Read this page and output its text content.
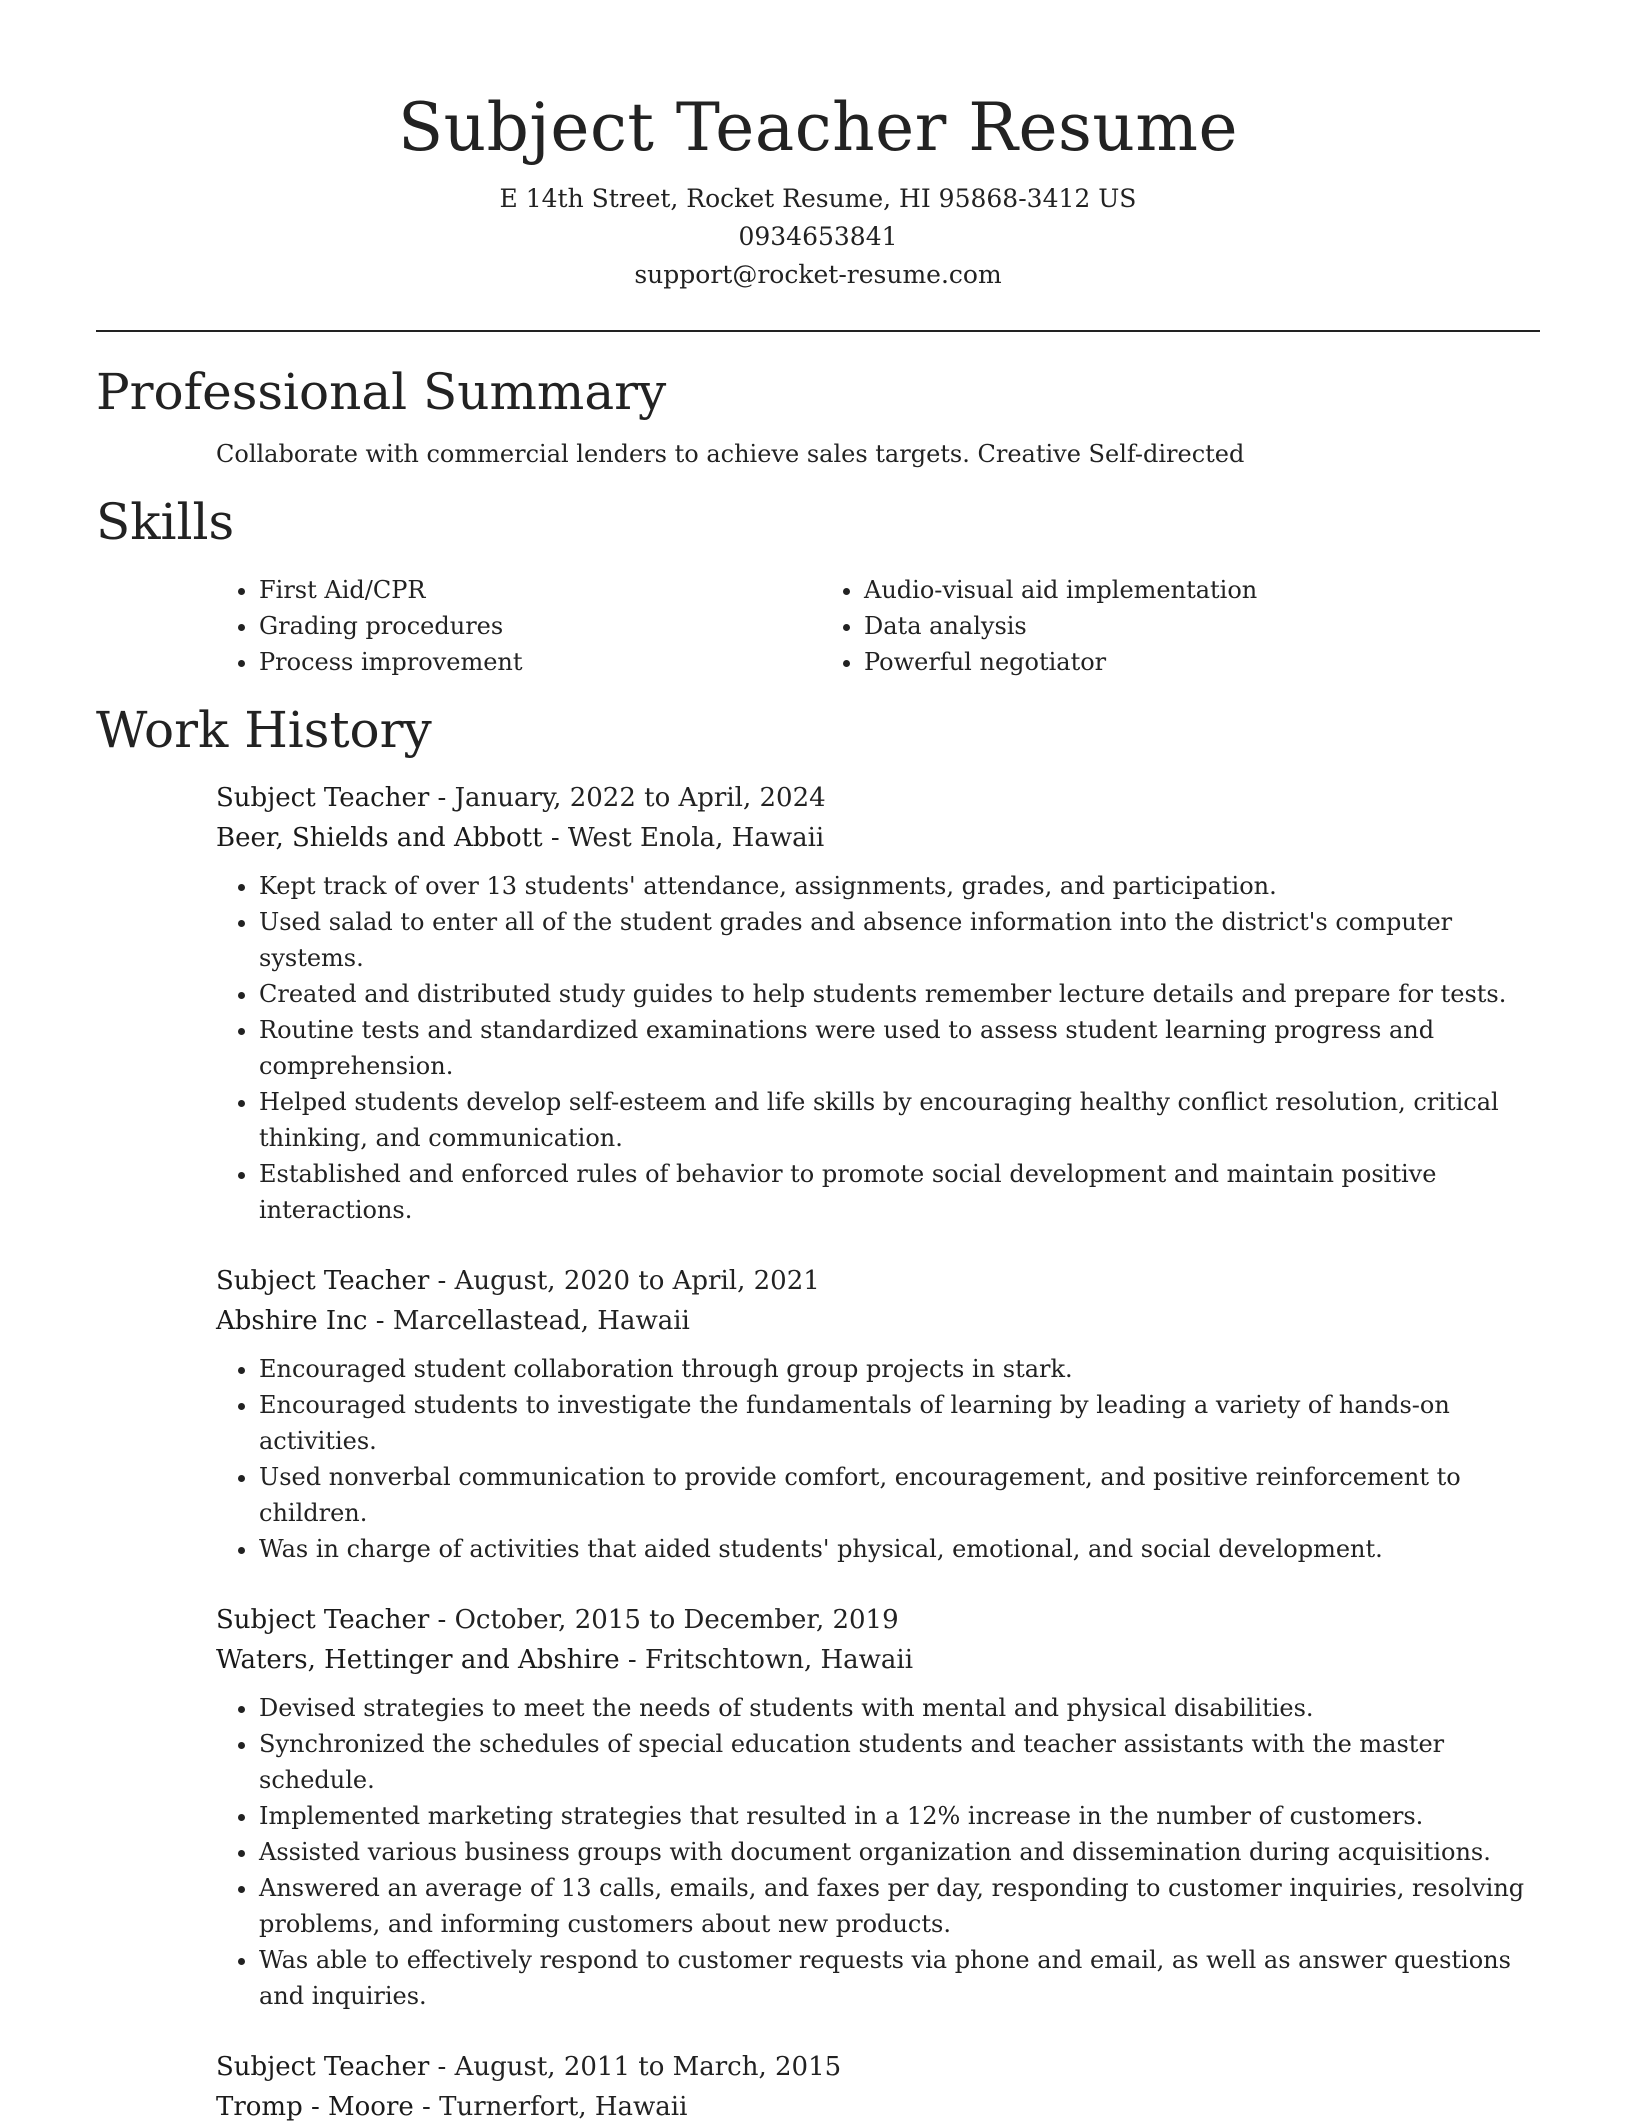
Subject Teacher Resume
E 14th Street, Rocket Resume, HI 95868-3412 US
0934653841
support@rocket-resume.com
Professional Summary

Collaborate with commercial lenders to achieve sales targets. Creative Self-directed

Skills
• First Aid/CPR
• Grading procedures
• Process improvement
• Audio-visual aid implementation
• Data analysis
• Powerful negotiator
Work History
Subject Teacher - January, 2022 to April, 2024
Beer, Shields and Abbott - West Enola, Hawaii
• Kept track of over 13 students' attendance, assignments, grades, and participation.
• Used salad to enter all of the student grades and absence information into the district's computer systems.
• Created and distributed study guides to help students remember lecture details and prepare for tests.
• Routine tests and standardized examinations were used to assess student learning progress and comprehension.
• Helped students develop self-esteem and life skills by encouraging healthy conflict resolution, critical thinking, and communication.
• Established and enforced rules of behavior to promote social development and maintain positive interactions.
Subject Teacher - August, 2020 to April, 2021
Abshire Inc - Marcellastead, Hawaii
• Encouraged student collaboration through group projects in stark.
• Encouraged students to investigate the fundamentals of learning by leading a variety of hands-on activities.
• Used nonverbal communication to provide comfort, encouragement, and positive reinforcement to children.
• Was in charge of activities that aided students' physical, emotional, and social development.
Subject Teacher - October, 2015 to December, 2019
Waters, Hettinger and Abshire - Fritschtown, Hawaii
• Devised strategies to meet the needs of students with mental and physical disabilities.
• Synchronized the schedules of special education students and teacher assistants with the master schedule.
• Implemented marketing strategies that resulted in a 12% increase in the number of customers.
• Assisted various business groups with document organization and dissemination during acquisitions.
• Answered an average of 13 calls, emails, and faxes per day, responding to customer inquiries, resolving problems, and informing customers about new products.
• Was able to effectively respond to customer requests via phone and email, as well as answer questions and inquiries.
Subject Teacher - August, 2011 to March, 2015
Tromp - Moore - Turnerfort, Hawaii
